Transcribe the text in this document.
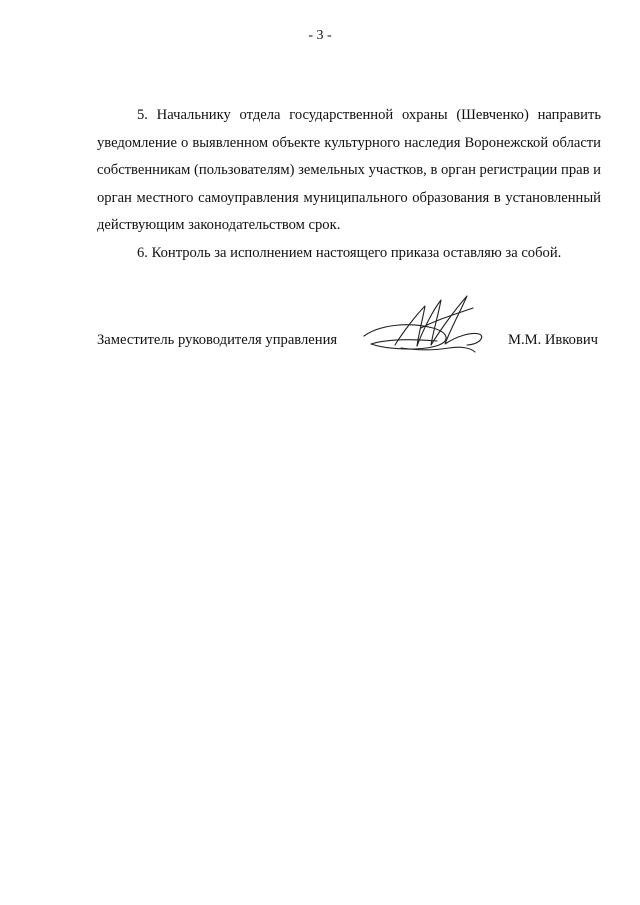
- 3 -

5. Начальнику отдела государственной охраны (Шевченко) направить уведомление о выявленном объекте культурного наследия Воронежской области собственникам (пользователям) земельных участков, в орган регистрации прав и орган местного самоуправления муниципального образования в установленный действующим законодательством срок.

6. Контроль за исполнением настоящего приказа оставляю за собой.

Заместитель руководителя управления	М.М. Ивкович
